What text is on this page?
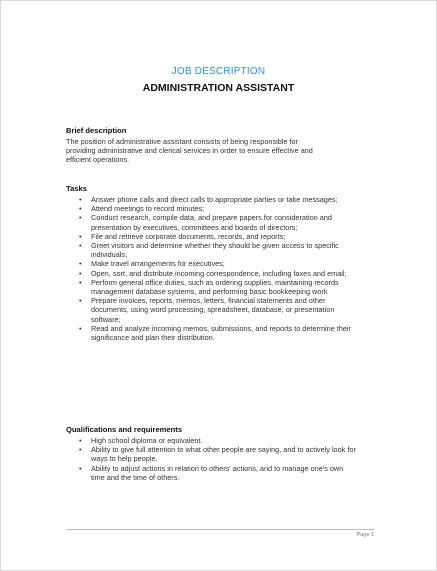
JOB DESCRIPTION
ADMINISTRATION ASSISTANT
Brief description
The position of administrative assistant consists of being responsible for providing administrative and clerical services in order to ensure effective and efficient operations.
Tasks
• Answer phone calls and direct calls to appropriate parties or take messages;
• Attend meetings to record minutes;
• Conduct research, compile data, and prepare papers for consideration and presentation by executives, committees and boards of directors;
• File and retrieve corporate documents, records, and reports;
• Greet visitors and determine whether they should be given access to specific individuals;
• Make travel arrangements for executives;
• Open, sort, and distribute incoming correspondence, including faxes and email;
• Perform general office duties, such as ordering supplies, maintaining records management database systems, and performing basic bookkeeping work
• Prepare invoices, reports, memos, letters, financial statements and other documents, using word processing, spreadsheet, database, or presentation software;
• Read and analyze incoming memos, submissions, and reports to determine their significance and plan their distribution.
Qualifications and requirements
• High school diploma or equivalent.
• Ability to give full attention to what other people are saying, and to actively look for ways to help people.
• Ability to adjust actions in relation to others' actions, and to manage one's own time and the time of others.
Page 1
